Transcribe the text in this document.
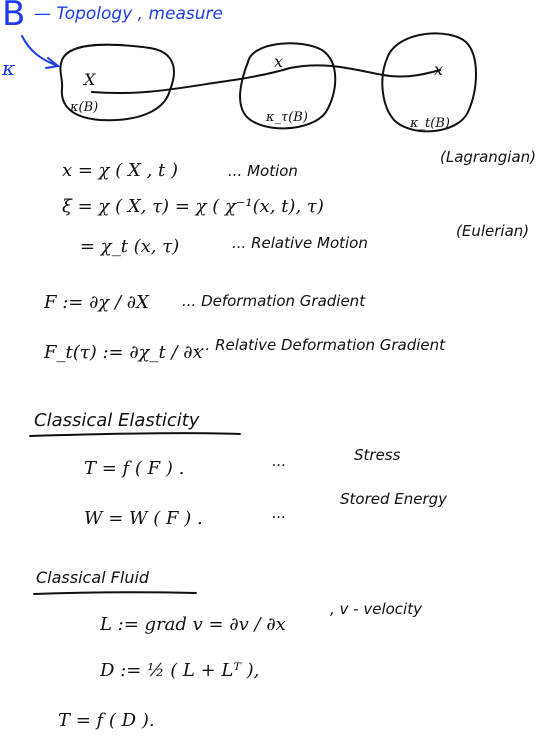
B — Topology , measure
κ	X
κ(B)
x
κ_τ(B)
x
κ_t(B)
x = χ ( X , t )	... Motion
(Lagrangian)
ξ = χ ( X, τ) = χ ( χ⁻¹(x, t), τ)
= χ_t (x, τ)	... Relative Motion
(Eulerian)
F := ∂χ / ∂X ... Deformation Gradient
F_t(τ) := ∂χ_t / ∂x
... Relative Deformation Gradient
Classical Elasticity
T = f ( F ) .	...	Stress
W = W ( F ) .	...
Stored Energy
Classical Fluid
L := grad v = ∂v / ∂x
, v - velocity
D := ½ ( L + Lᵀ ),
T = f ( D ).
